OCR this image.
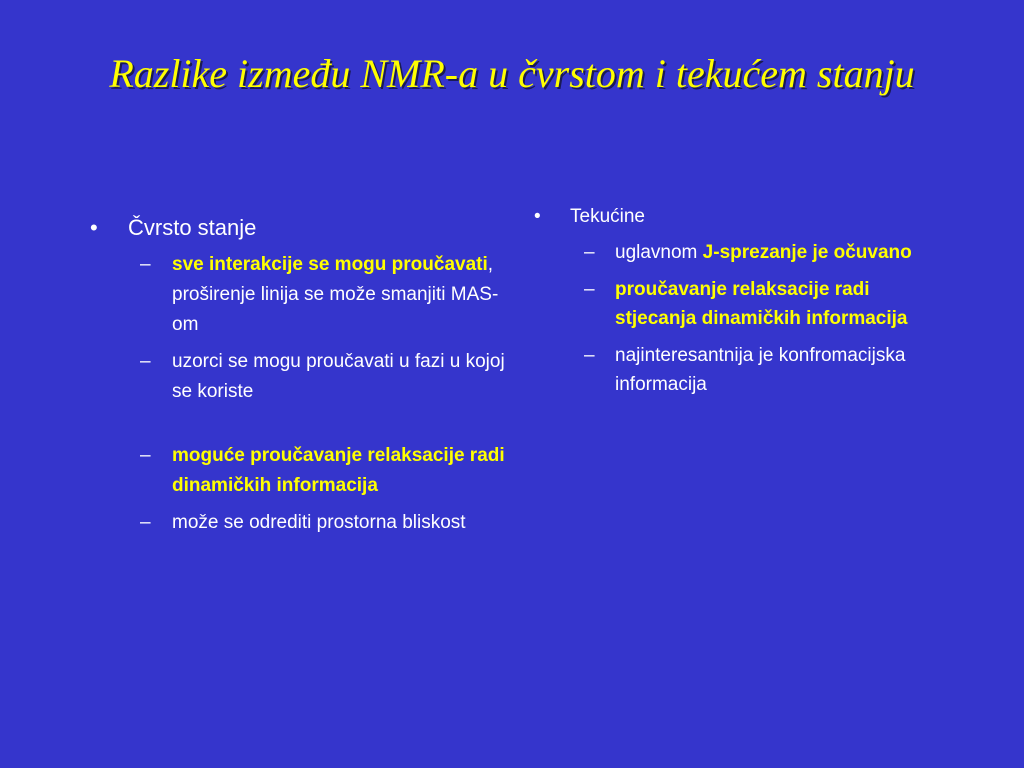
Razlike između NMR-a u čvrstom i tekućem stanju
• Čvrsto stanje
– sve interakcije se mogu proučavati, proširenje linija se može smanjiti MAS-om
– uzorci se mogu proučavati u fazi u kojoj se koriste
– moguće proučavanje relaksacije radi dinamičkih informacija
– može se odrediti prostorna bliskost
• Tekućine
– uglavnom J-sprezanje je očuvano
– proučavanje relaksacije radi stjecanja dinamičkih informacija
– najinteresantnija je konfromacijska informacija
